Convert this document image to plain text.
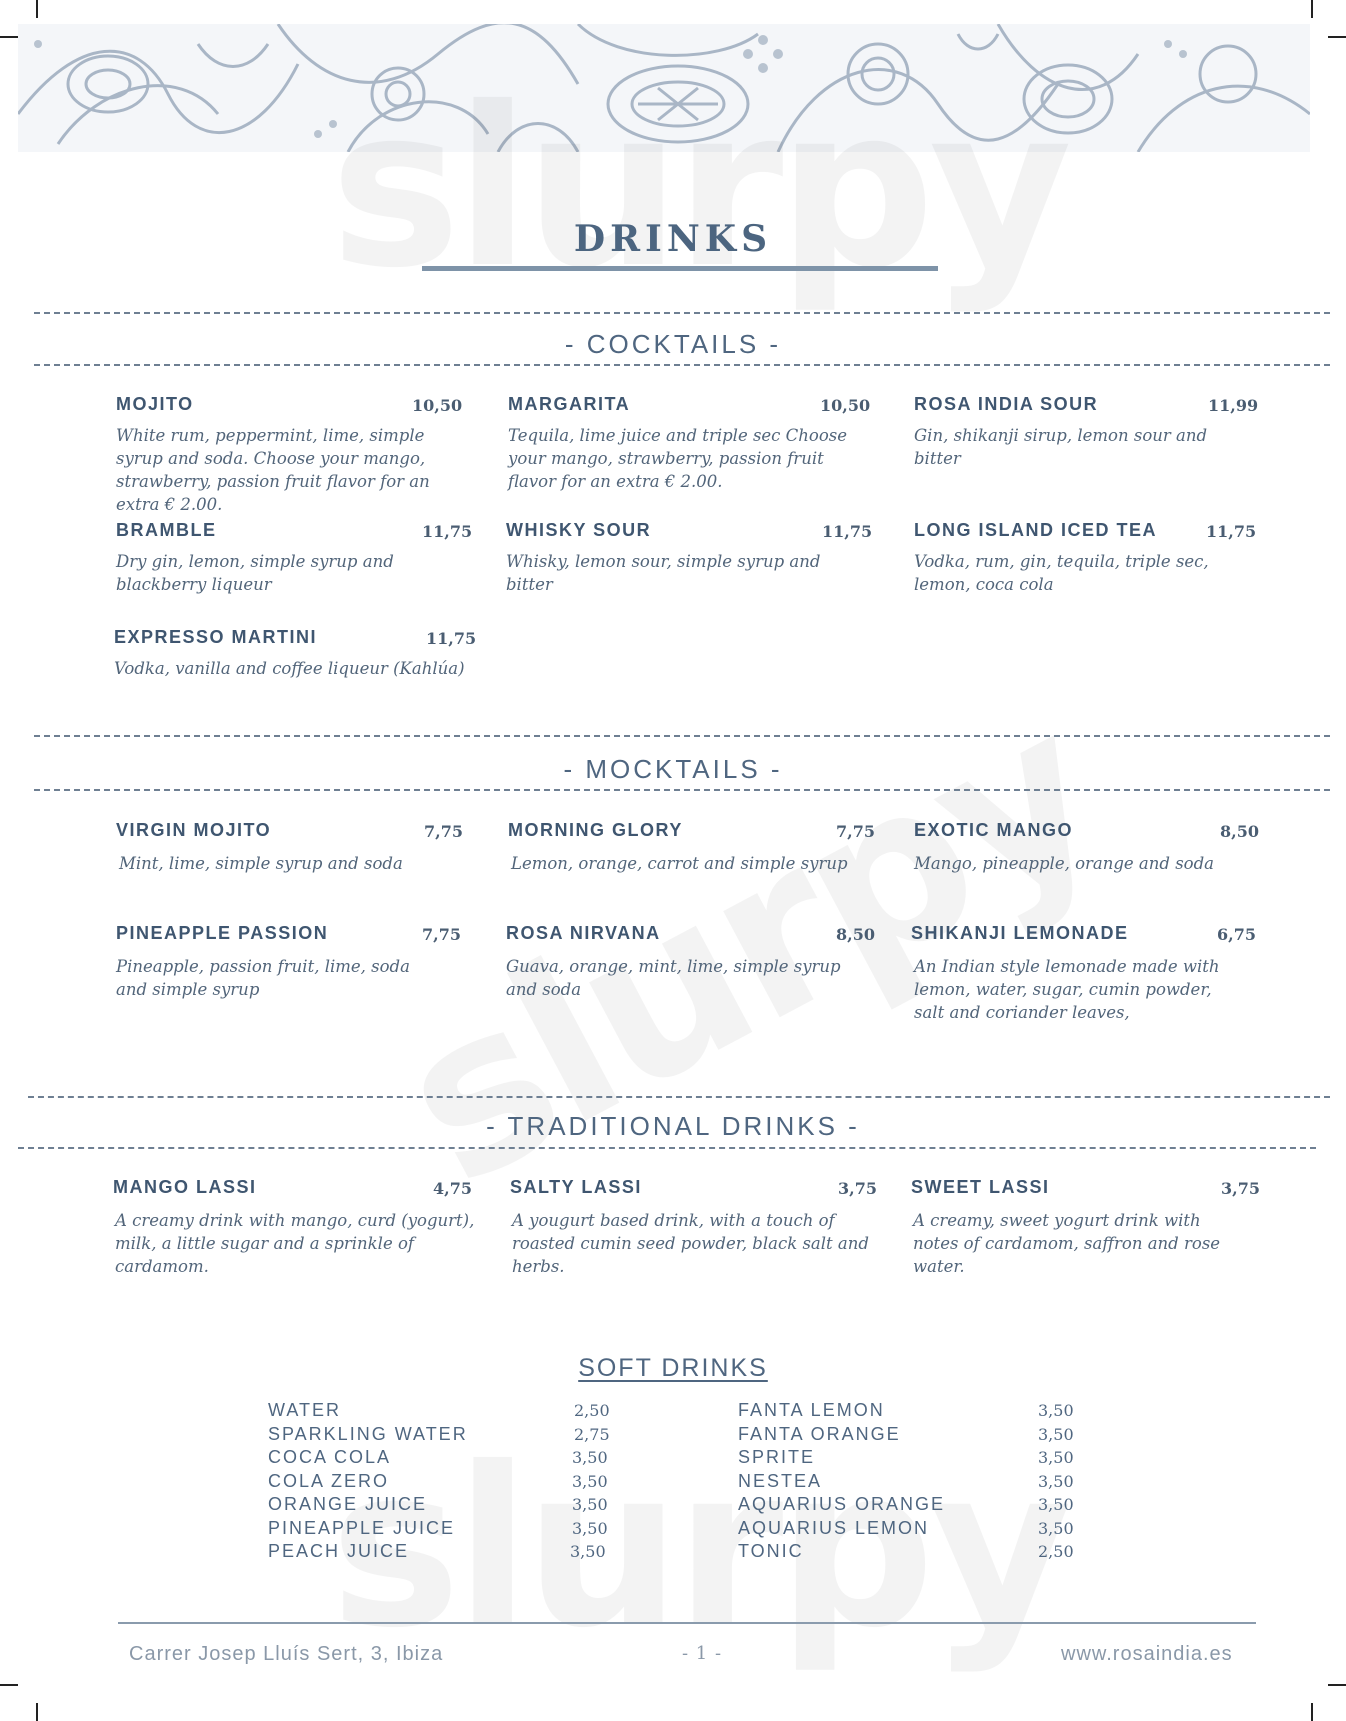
DRINKS
- COCKTAILS -
MOJITO	10,50
White rum, peppermint, lime, simple syrup and soda. Choose your mango, strawberry, passion fruit flavor for an extra € 2.00.
MARGARITA	10,50
Tequila, lime juice and triple sec Choose your mango, strawberry, passion fruit flavor for an extra € 2.00.
ROSA INDIA SOUR	11,99
Gin, shikanji sirup, lemon sour and bitter
BRAMBLE	11,75
Dry gin, lemon, simple syrup and blackberry liqueur
WHISKY SOUR	11,75
Whisky, lemon sour, simple syrup and bitter
LONG ISLAND ICED TEA	11,75
Vodka, rum, gin, tequila, triple sec, lemon, coca cola
EXPRESSO MARTINI	11,75
Vodka, vanilla and coffee liqueur (Kahlúa)
- MOCKTAILS -
VIRGIN MOJITO	7,75
Mint, lime, simple syrup and soda
MORNING GLORY	7,75
Lemon, orange, carrot and simple syrup
EXOTIC MANGO	8,50
Mango, pineapple, orange and soda
PINEAPPLE PASSION	7,75
Pineapple, passion fruit, lime, soda and simple syrup
ROSA NIRVANA	8,50
Guava, orange, mint, lime, simple syrup and soda
SHIKANJI LEMONADE	6,75
An Indian style lemonade made with lemon, water, sugar, cumin powder, salt and coriander leaves,
- TRADITIONAL DRINKS -
MANGO LASSI	4,75
A creamy drink with mango, curd (yogurt), milk, a little sugar and a sprinkle of cardamom.
SALTY LASSI	3,75
A yougurt based drink, with a touch of roasted cumin seed powder, black salt and herbs.
SWEET LASSI	3,75
A creamy, sweet yogurt drink with notes of cardamom, saffron and rose water.
SOFT DRINKS
WATER	2,50
SPARKLING WATER	2,75
COCA COLA	3,50
COLA ZERO	3,50
ORANGE JUICE	3,50
PINEAPPLE JUICE	3,50
PEACH JUICE	3,50
FANTA LEMON	3,50
FANTA ORANGE	3,50
SPRITE	3,50
NESTEA	3,50
AQUARIUS ORANGE	3,50
AQUARIUS LEMON	3,50
TONIC	2,50
Carrer Josep Lluís Sert, 3, Ibiza	- 1 -	www.rosaindia.es
